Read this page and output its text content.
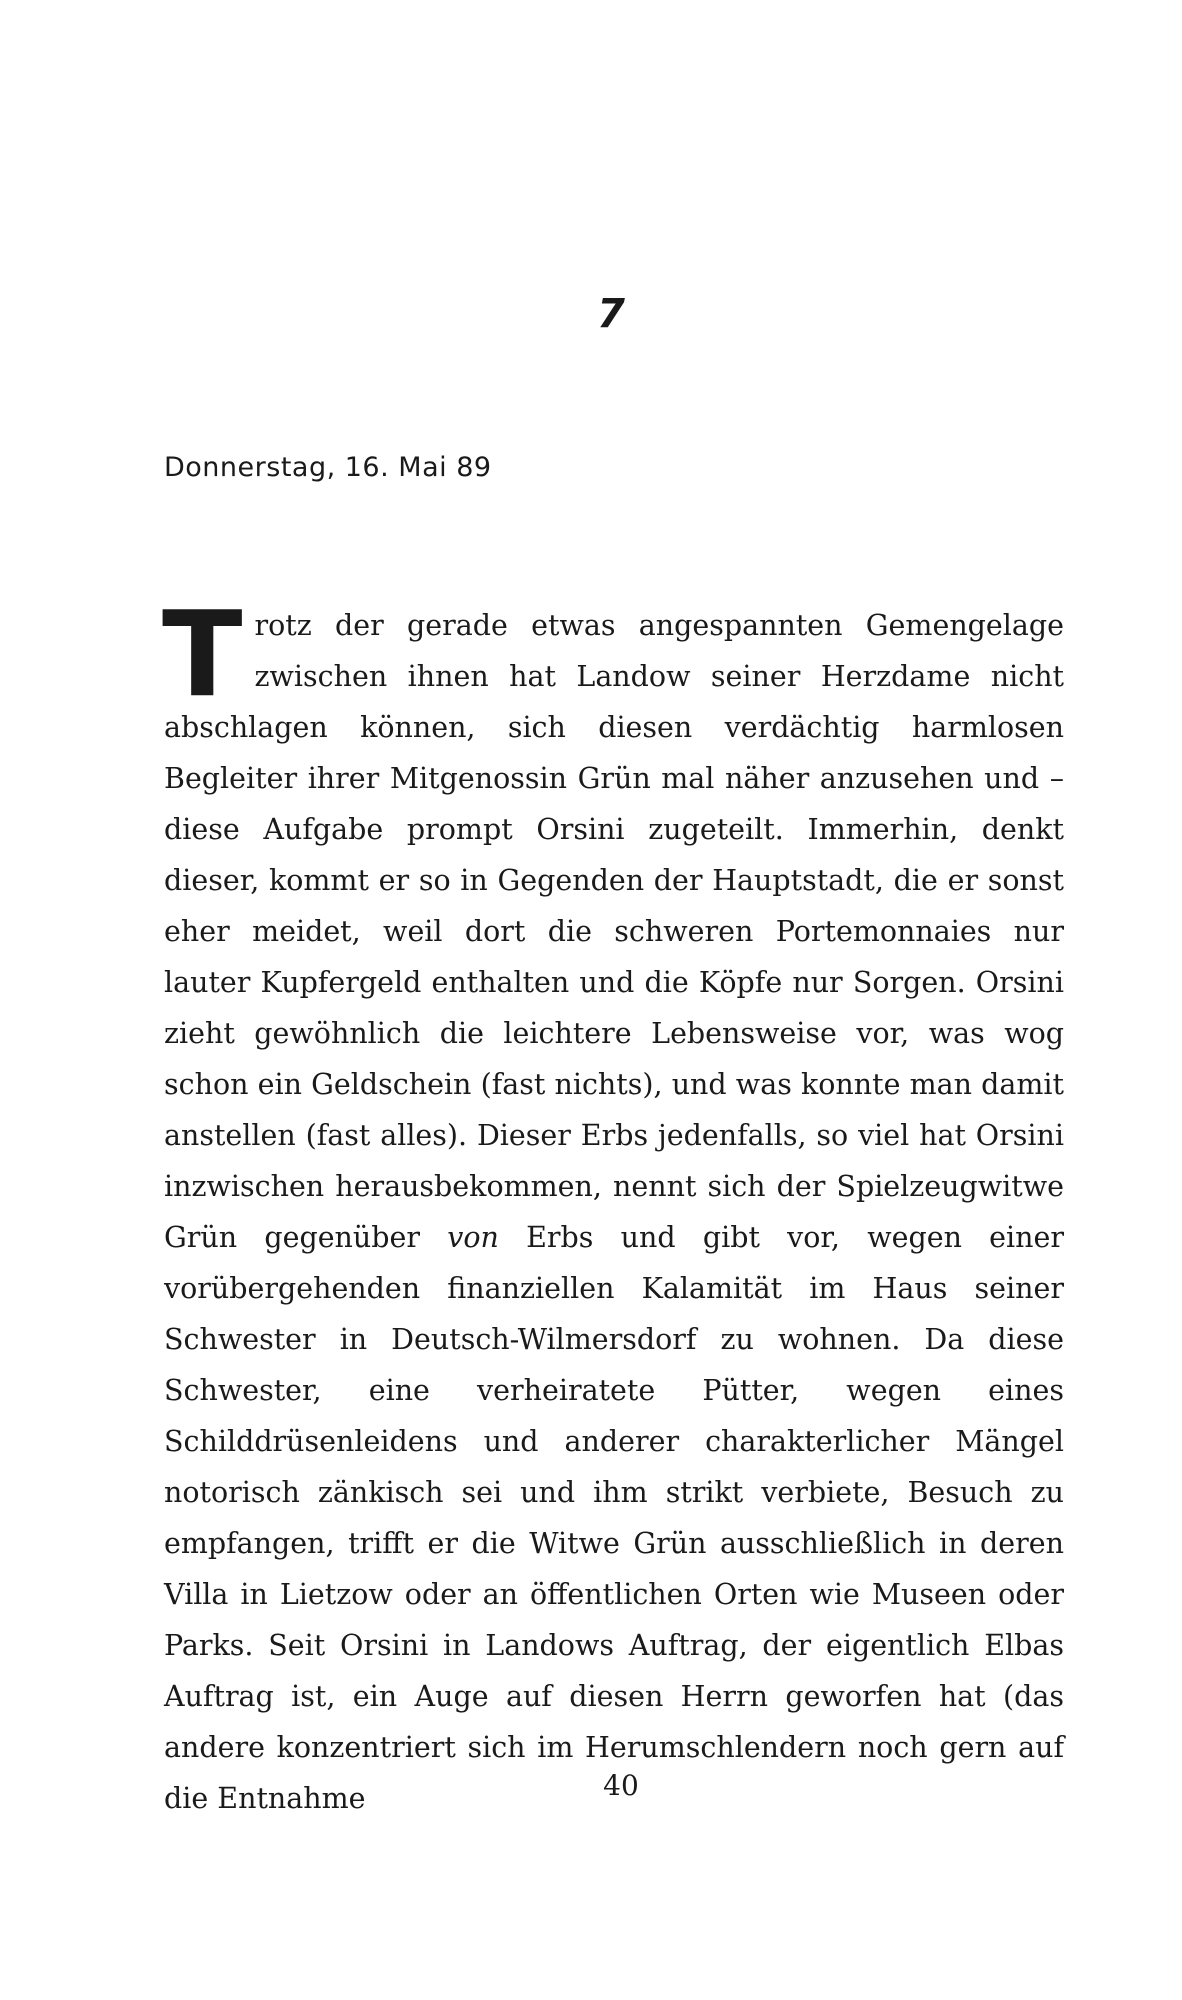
7
Donnerstag, 16. Mai 89

Trotz der gerade etwas angespannten Gemengelage zwischen ihnen hat Landow seiner Herzdame nicht abschlagen können, sich diesen verdächtig harmlosen Begleiter ihrer Mitgenossin Grün mal näher anzusehen und – diese Aufgabe prompt Orsini zugeteilt. Immerhin, denkt dieser, kommt er so in Gegenden der Hauptstadt, die er sonst eher meidet, weil dort die schweren Portemonnaies nur lauter Kupfergeld enthalten und die Köpfe nur Sorgen. Orsini zieht gewöhnlich die leichtere Lebensweise vor, was wog schon ein Geldschein (fast nichts), und was konnte man damit anstellen (fast alles). Dieser Erbs jedenfalls, so viel hat Orsini inzwischen herausbekommen, nennt sich der Spielzeugwitwe Grün gegenüber von Erbs und gibt vor, wegen einer vorübergehenden finanziellen Kalamität im Haus seiner Schwester in Deutsch-Wilmersdorf zu wohnen. Da diese Schwester, eine verheiratete Pütter, wegen eines Schilddrüsenleidens und anderer charakterlicher Mängel notorisch zänkisch sei und ihm strikt verbiete, Besuch zu empfangen, trifft er die Witwe Grün ausschließlich in deren Villa in Lietzow oder an öffentlichen Orten wie Museen oder Parks. Seit Orsini in Landows Auftrag, der eigentlich Elbas Auftrag ist, ein Auge auf diesen Herrn geworfen hat (das andere konzentriert sich im Herumschlendern noch gern auf die Entnahme	40
